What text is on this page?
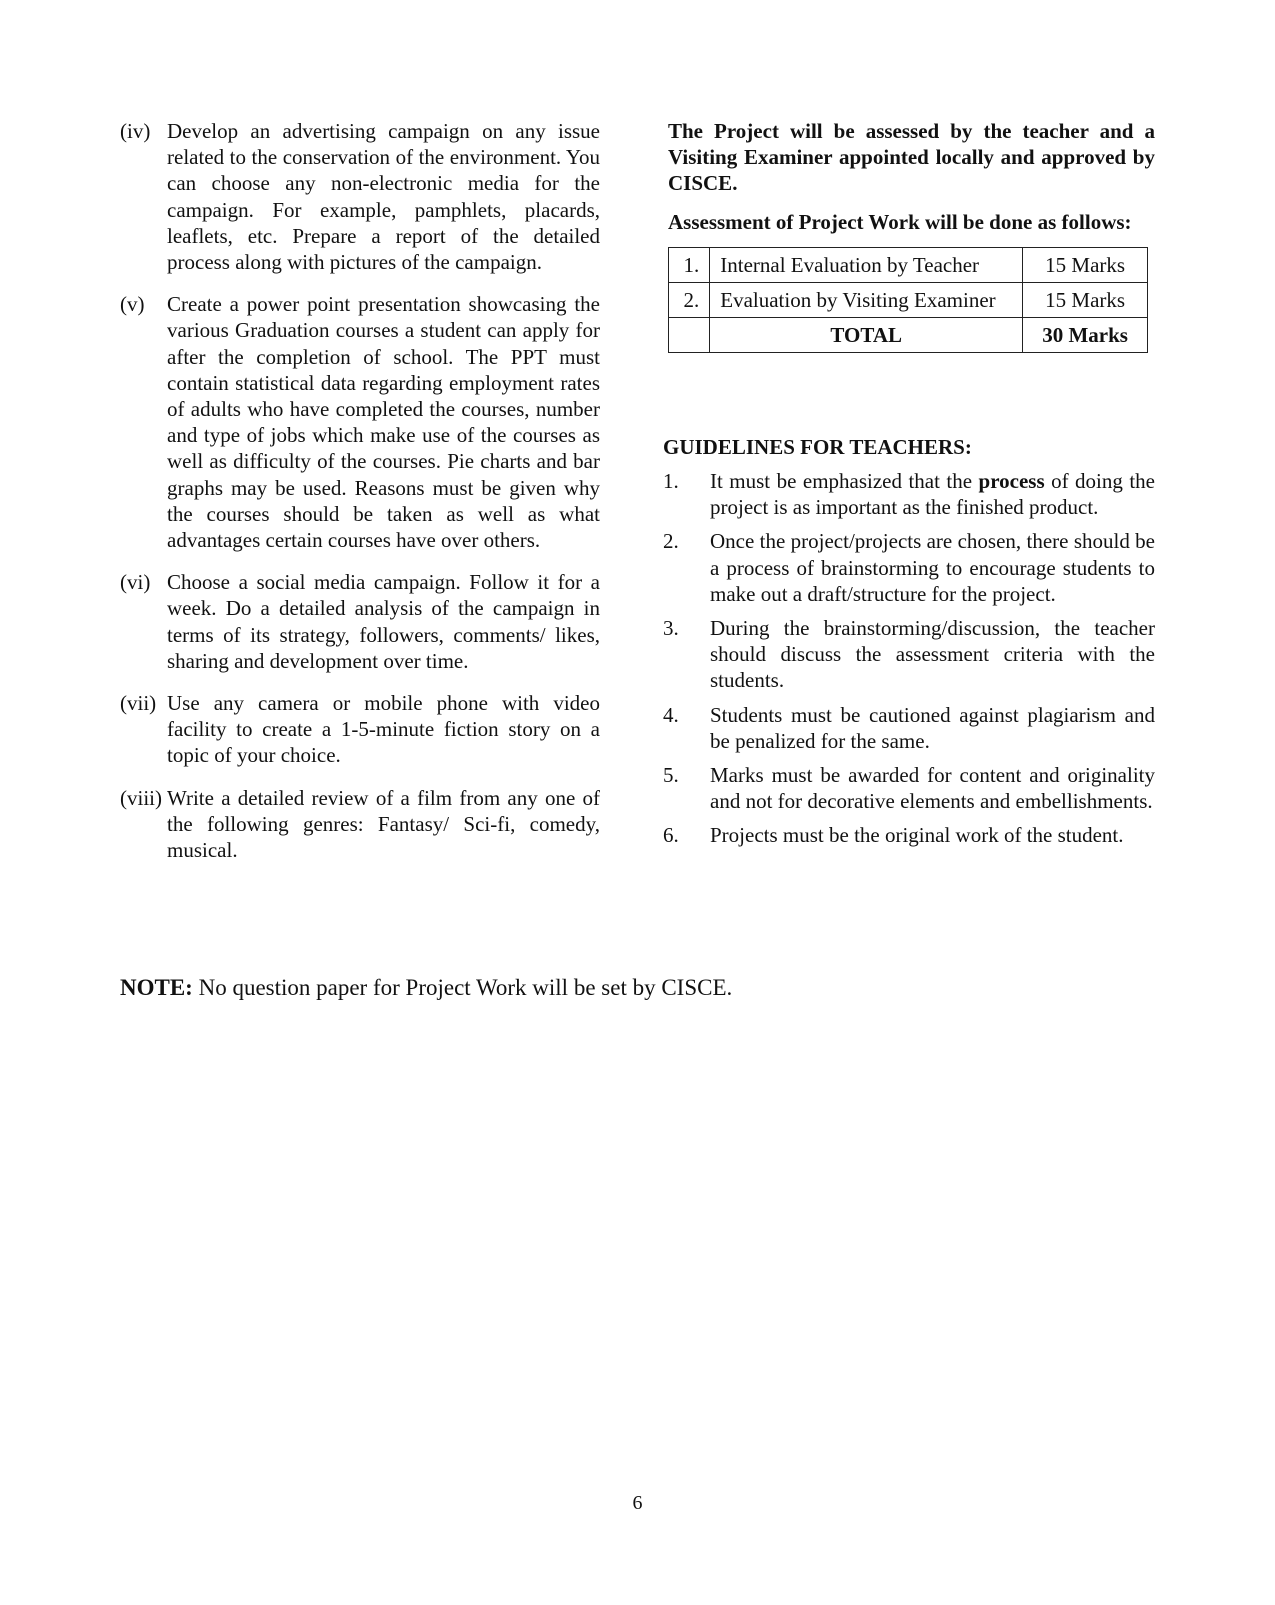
(iv) Develop an advertising campaign on any issue related to the conservation of the environment. You can choose any non-electronic media for the campaign. For example, pamphlets, placards, leaflets, etc. Prepare a report of the detailed process along with pictures of the campaign.
(v) Create a power point presentation showcasing the various Graduation courses a student can apply for after the completion of school. The PPT must contain statistical data regarding employment rates of adults who have completed the courses, number and type of jobs which make use of the courses as well as difficulty of the courses. Pie charts and bar graphs may be used. Reasons must be given why the courses should be taken as well as what advantages certain courses have over others.
(vi) Choose a social media campaign. Follow it for a week. Do a detailed analysis of the campaign in terms of its strategy, followers, comments/ likes, sharing and development over time.
(vii) Use any camera or mobile phone with video facility to create a 1-5-minute fiction story on a topic of your choice.
(viii) Write a detailed review of a film from any one of the following genres: Fantasy/ Sci-fi, comedy, musical.

The Project will be assessed by the teacher and a Visiting Examiner appointed locally and approved by CISCE.

Assessment of Project Work will be done as follows:

1.	Internal Evaluation by Teacher	15 Marks
2.	Evaluation by Visiting Examiner	15 Marks
	TOTAL	30 Marks
GUIDELINES FOR TEACHERS:
1. It must be emphasized that the process of doing the project is as important as the finished product.
2. Once the project/projects are chosen, there should be a process of brainstorming to encourage students to make out a draft/structure for the project.
3. During the brainstorming/discussion, the teacher should discuss the assessment criteria with the students.
4. Students must be cautioned against plagiarism and be penalized for the same.
5. Marks must be awarded for content and originality and not for decorative elements and embellishments.
6. Projects must be the original work of the student.
NOTE: No question paper for Project Work will be set by CISCE.
6
